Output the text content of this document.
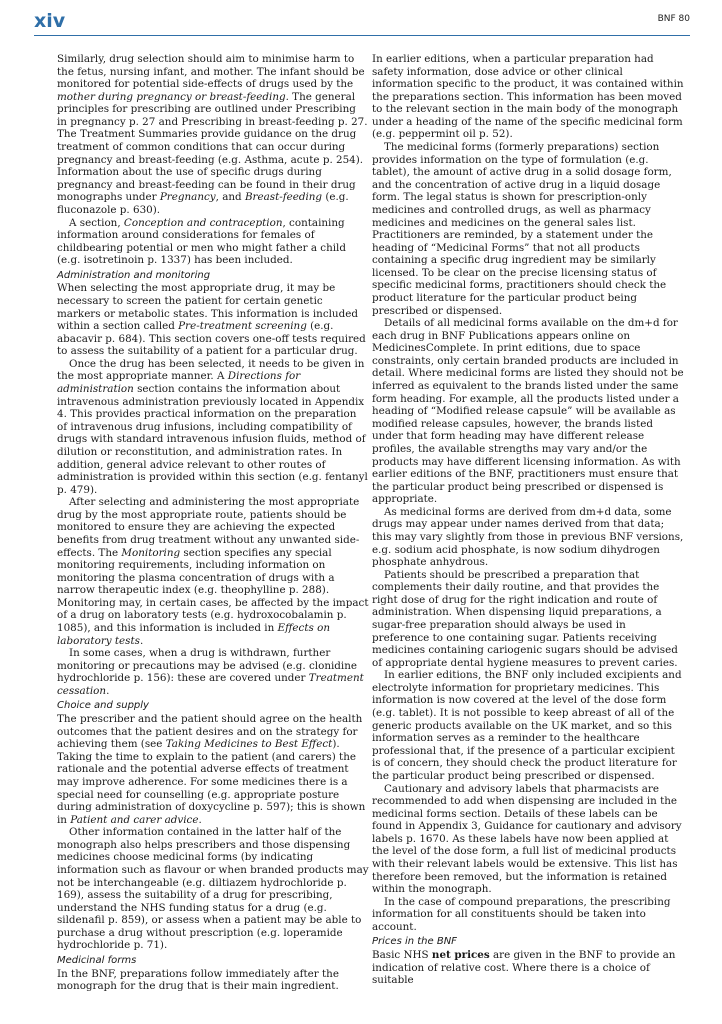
xiv	BNF 80

Similarly, drug selection should aim to minimise harm to the fetus, nursing infant, and mother. The infant should be monitored for potential side-effects of drugs used by the mother during pregnancy or breast-feeding. The general principles for prescribing are outlined under Prescribing in pregnancy p. 27 and Prescribing in breast-feeding p. 27. The Treatment Summaries provide guidance on the drug treatment of common conditions that can occur during pregnancy and breast-feeding (e.g. Asthma, acute p. 254). Information about the use of specific drugs during pregnancy and breast-feeding can be found in their drug monographs under Pregnancy, and Breast-feeding (e.g. fluconazole p. 630).

A section, Conception and contraception, containing information around considerations for females of childbearing potential or men who might father a child (e.g. isotretinoin p. 1337) has been included.

Administration and monitoring

When selecting the most appropriate drug, it may be necessary to screen the patient for certain genetic markers or metabolic states. This information is included within a section called Pre-treatment screening (e.g. abacavir p. 684). This section covers one-off tests required to assess the suitability of a patient for a particular drug.

Once the drug has been selected, it needs to be given in the most appropriate manner. A Directions for administration section contains the information about intravenous administration previously located in Appendix 4. This provides practical information on the preparation of intravenous drug infusions, including compatibility of drugs with standard intravenous infusion fluids, method of dilution or reconstitution, and administration rates. In addition, general advice relevant to other routes of administration is provided within this section (e.g. fentanyl p. 479).

After selecting and administering the most appropriate drug by the most appropriate route, patients should be monitored to ensure they are achieving the expected benefits from drug treatment without any unwanted side-effects. The Monitoring section specifies any special monitoring requirements, including information on monitoring the plasma concentration of drugs with a narrow therapeutic index (e.g. theophylline p. 288). Monitoring may, in certain cases, be affected by the impact of a drug on laboratory tests (e.g. hydroxocobalamin p. 1085), and this information is included in Effects on laboratory tests.

In some cases, when a drug is withdrawn, further monitoring or precautions may be advised (e.g. clonidine hydrochloride p. 156): these are covered under Treatment cessation.

Choice and supply

The prescriber and the patient should agree on the health outcomes that the patient desires and on the strategy for achieving them (see Taking Medicines to Best Effect). Taking the time to explain to the patient (and carers) the rationale and the potential adverse effects of treatment may improve adherence. For some medicines there is a special need for counselling (e.g. appropriate posture during administration of doxycycline p. 597); this is shown in Patient and carer advice.

Other information contained in the latter half of the monograph also helps prescribers and those dispensing medicines choose medicinal forms (by indicating information such as flavour or when branded products may not be interchangeable (e.g. diltiazem hydrochloride p. 169), assess the suitability of a drug for prescribing, understand the NHS funding status for a drug (e.g. sildenafil p. 859), or assess when a patient may be able to purchase a drug without prescription (e.g. loperamide hydrochloride p. 71).

Medicinal forms

In the BNF, preparations follow immediately after the monograph for the drug that is their main ingredient.

In earlier editions, when a particular preparation had safety information, dose advice or other clinical information specific to the product, it was contained within the preparations section. This information has been moved to the relevant section in the main body of the monograph under a heading of the name of the specific medicinal form (e.g. peppermint oil p. 52).

The medicinal forms (formerly preparations) section provides information on the type of formulation (e.g. tablet), the amount of active drug in a solid dosage form, and the concentration of active drug in a liquid dosage form. The legal status is shown for prescription-only medicines and controlled drugs, as well as pharmacy medicines and medicines on the general sales list. Practitioners are reminded, by a statement under the heading of “Medicinal Forms” that not all products containing a specific drug ingredient may be similarly licensed. To be clear on the precise licensing status of specific medicinal forms, practitioners should check the product literature for the particular product being prescribed or dispensed.

Details of all medicinal forms available on the dm+d for each drug in BNF Publications appears online on MedicinesComplete. In print editions, due to space constraints, only certain branded products are included in detail. Where medicinal forms are listed they should not be inferred as equivalent to the brands listed under the same form heading. For example, all the products listed under a heading of “Modified release capsule” will be available as modified release capsules, however, the brands listed under that form heading may have different release profiles, the available strengths may vary and/or the products may have different licensing information. As with earlier editions of the BNF, practitioners must ensure that the particular product being prescribed or dispensed is appropriate.

As medicinal forms are derived from dm+d data, some drugs may appear under names derived from that data; this may vary slightly from those in previous BNF versions, e.g. sodium acid phosphate, is now sodium dihydrogen phosphate anhydrous.

Patients should be prescribed a preparation that complements their daily routine, and that provides the right dose of drug for the right indication and route of administration. When dispensing liquid preparations, a sugar-free preparation should always be used in preference to one containing sugar. Patients receiving medicines containing cariogenic sugars should be advised of appropriate dental hygiene measures to prevent caries.

In earlier editions, the BNF only included excipients and electrolyte information for proprietary medicines. This information is now covered at the level of the dose form (e.g. tablet). It is not possible to keep abreast of all of the generic products available on the UK market, and so this information serves as a reminder to the healthcare professional that, if the presence of a particular excipient is of concern, they should check the product literature for the particular product being prescribed or dispensed.

Cautionary and advisory labels that pharmacists are recommended to add when dispensing are included in the medicinal forms section. Details of these labels can be found in Appendix 3, Guidance for cautionary and advisory labels p. 1670. As these labels have now been applied at the level of the dose form, a full list of medicinal products with their relevant labels would be extensive. This list has therefore been removed, but the information is retained within the monograph.

In the case of compound preparations, the prescribing information for all constituents should be taken into account.

Prices in the BNF

Basic NHS net prices are given in the BNF to provide an indication of relative cost. Where there is a choice of suitable
